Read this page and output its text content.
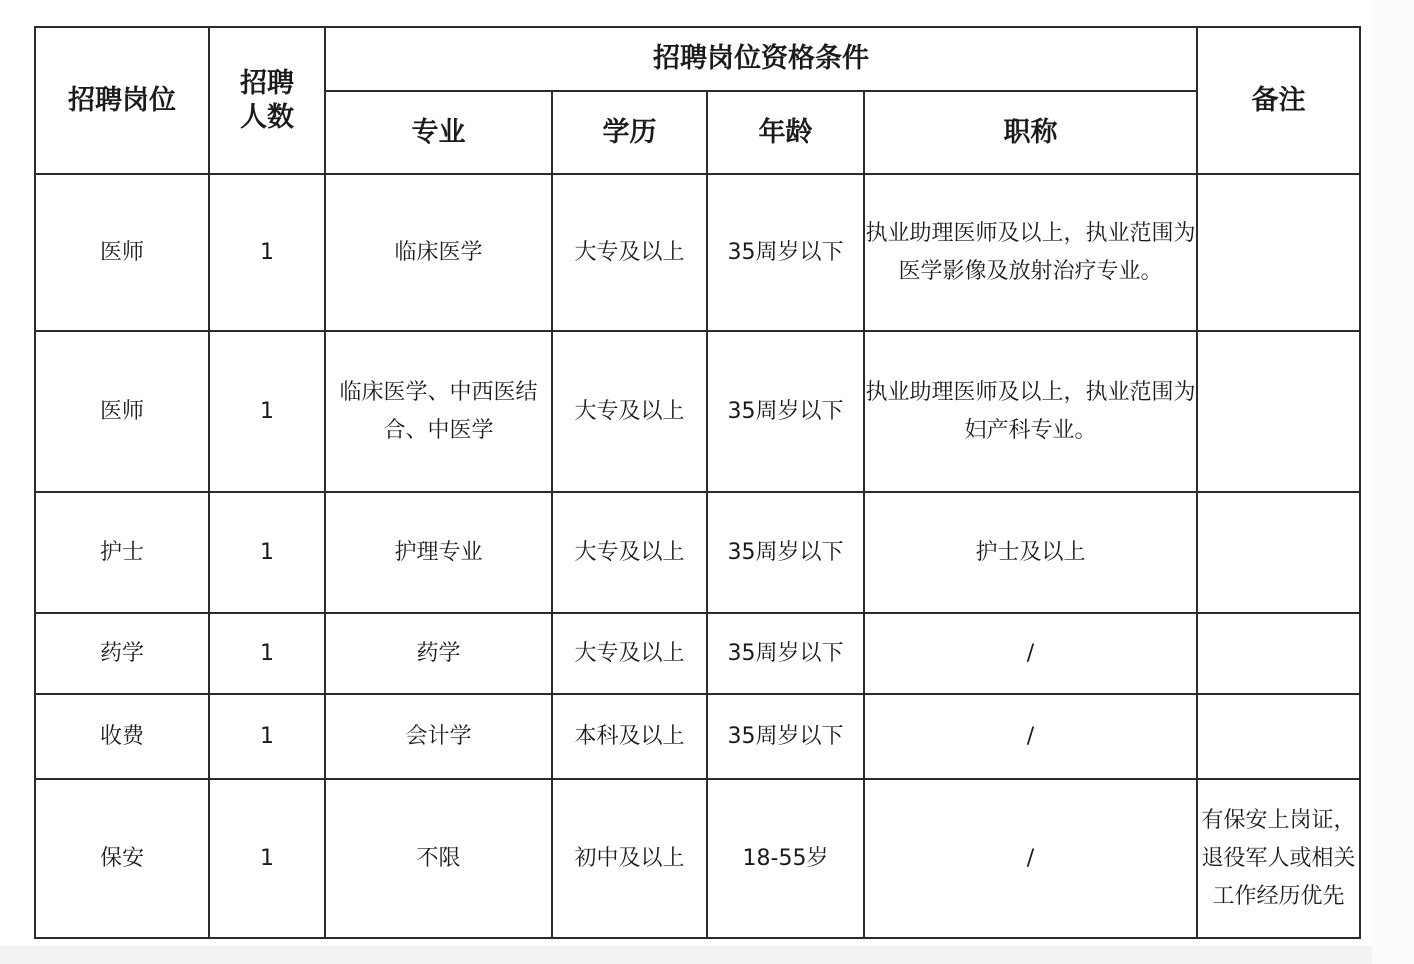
招聘岗位	招聘人数	招聘岗位资格条件				备注
		专业	学历	年龄	职称	
医师	1	临床医学	大专及以上	35周岁以下	执业助理医师及以上，执业范围为医学影像及放射治疗专业。	
医师	1	临床医学、中西医结合、中医学	大专及以上	35周岁以下	执业助理医师及以上，执业范围为妇产科专业。	
护士	1	护理专业	大专及以上	35周岁以下	护士及以上	
药学	1	药学	大专及以上	35周岁以下	/	
收费	1	会计学	本科及以上	35周岁以下	/	
保安	1	不限	初中及以上	18-55岁	/	有保安上岗证，退役军人或相关工作经历优先
